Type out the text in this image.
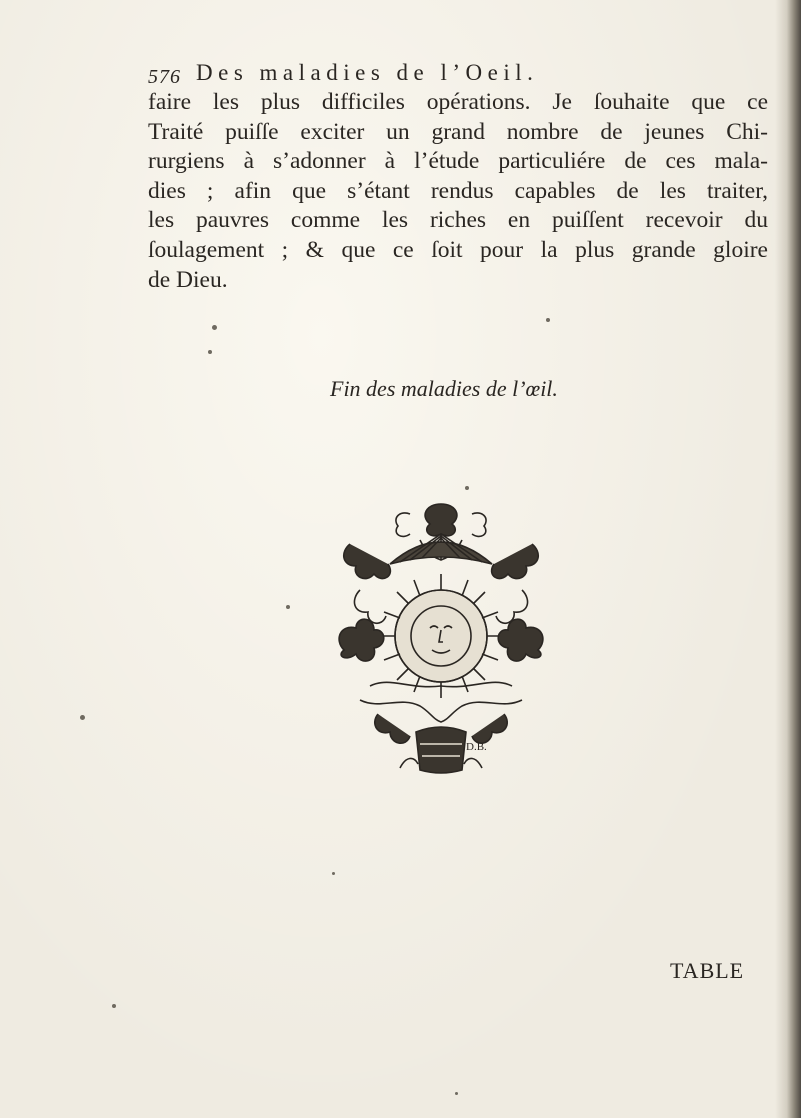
576 Des maladies de l’Oeil.
faire les plus difficiles opérations. Je ſouhaite que ce
Traité puiſſe exciter un grand nombre de jeunes Chi-
rurgiens à s’adonner à l’étude particuliére de ces mala-
dies ; afin que s’étant rendus capables de les traiter,
les pauvres comme les riches en puiſſent recevoir du
ſoulagement ; & que ce ſoit pour la plus grande gloire
de Dieu.
Fin des maladies de l’œil.
D.B.
TABLE
